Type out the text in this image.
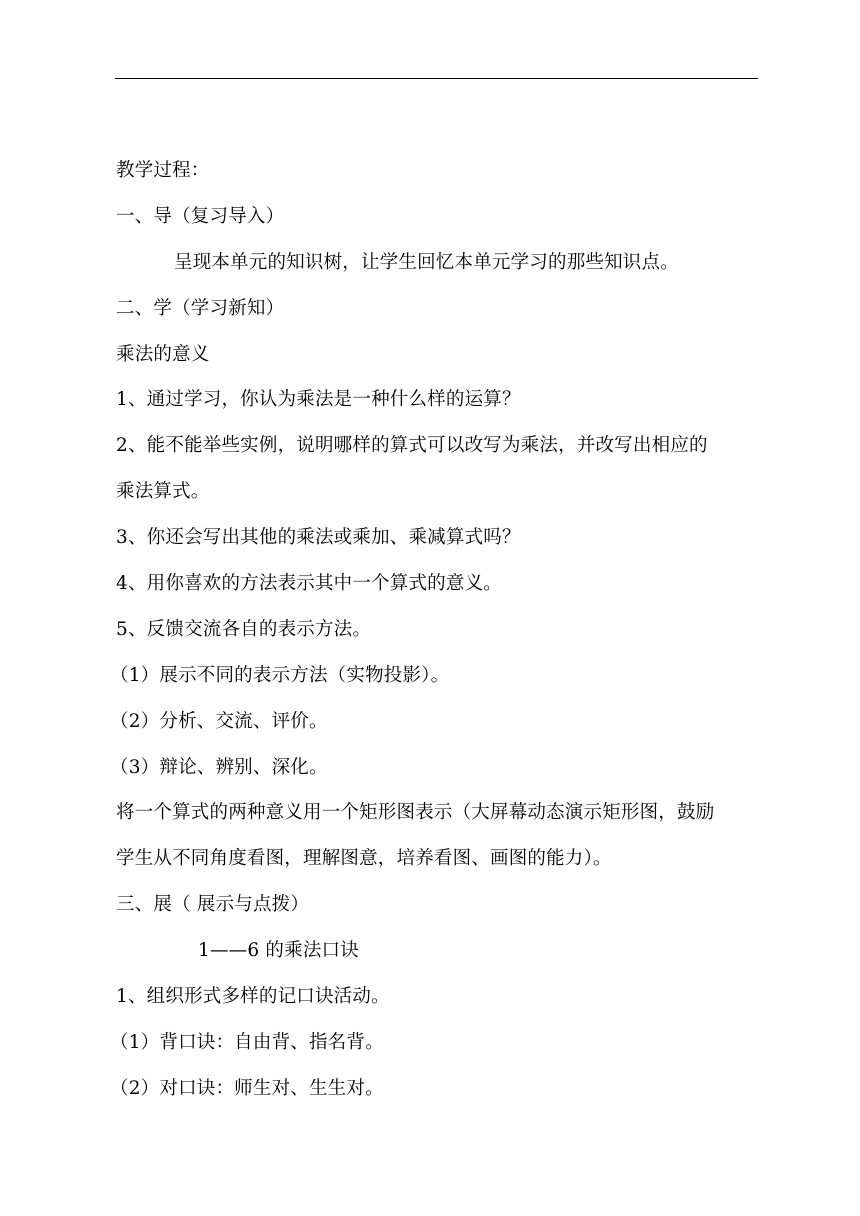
教学过程：
一、导（复习导入）
呈现本单元的知识树，让学生回忆本单元学习的那些知识点。
二、学（学习新知）
乘法的意义
1、通过学习，你认为乘法是一种什么样的运算？
2、能不能举些实例，说明哪样的算式可以改写为乘法，并改写出相应的
乘法算式。
3、你还会写出其他的乘法或乘加、乘减算式吗？
4、用你喜欢的方法表示其中一个算式的意义。
5、反馈交流各自的表示方法。
（1）展示不同的表示方法（实物投影）。
（2）分析、交流、评价。
（3）辩论、辨别、深化。
将一个算式的两种意义用一个矩形图表示（大屏幕动态演示矩形图，鼓励
学生从不同角度看图，理解图意，培养看图、画图的能力）。
三、展（ 展示与点拨）
1——6 的乘法口诀
1、组织形式多样的记口诀活动。
（1）背口诀：自由背、指名背。
（2）对口诀：师生对、生生对。
